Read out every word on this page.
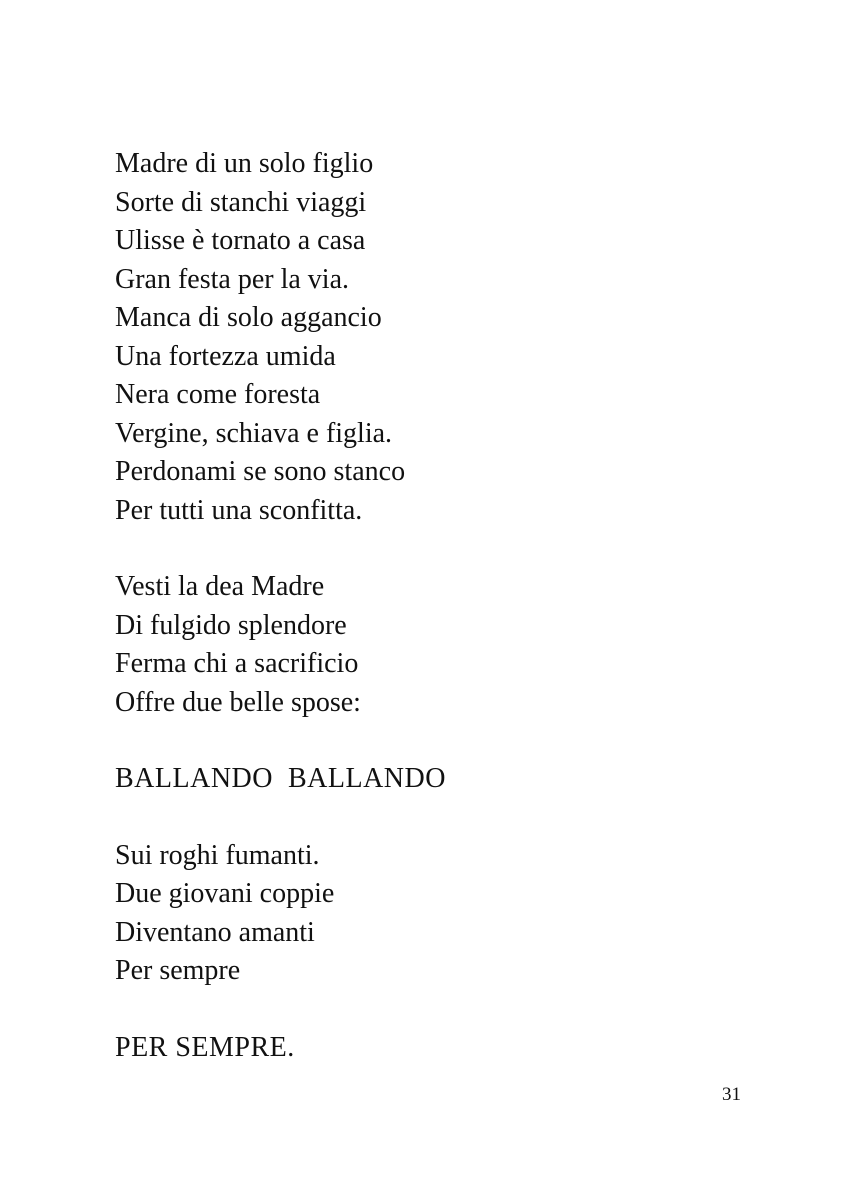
Madre di un solo figlio
Sorte di stanchi viaggi
Ulisse è tornato a casa
Gran festa per la via.
Manca di solo aggancio
Una fortezza umida
Nera come foresta
Vergine, schiava e figlia.
Perdonami se sono stanco
Per tutti una sconfitta.
Vesti la dea Madre
Di fulgido splendore
Ferma chi a sacrificio
Offre due belle spose:
BALLANDO  BALLANDO
Sui roghi fumanti.
Due giovani coppie
Diventano amanti
Per sempre
PER SEMPRE.
31
